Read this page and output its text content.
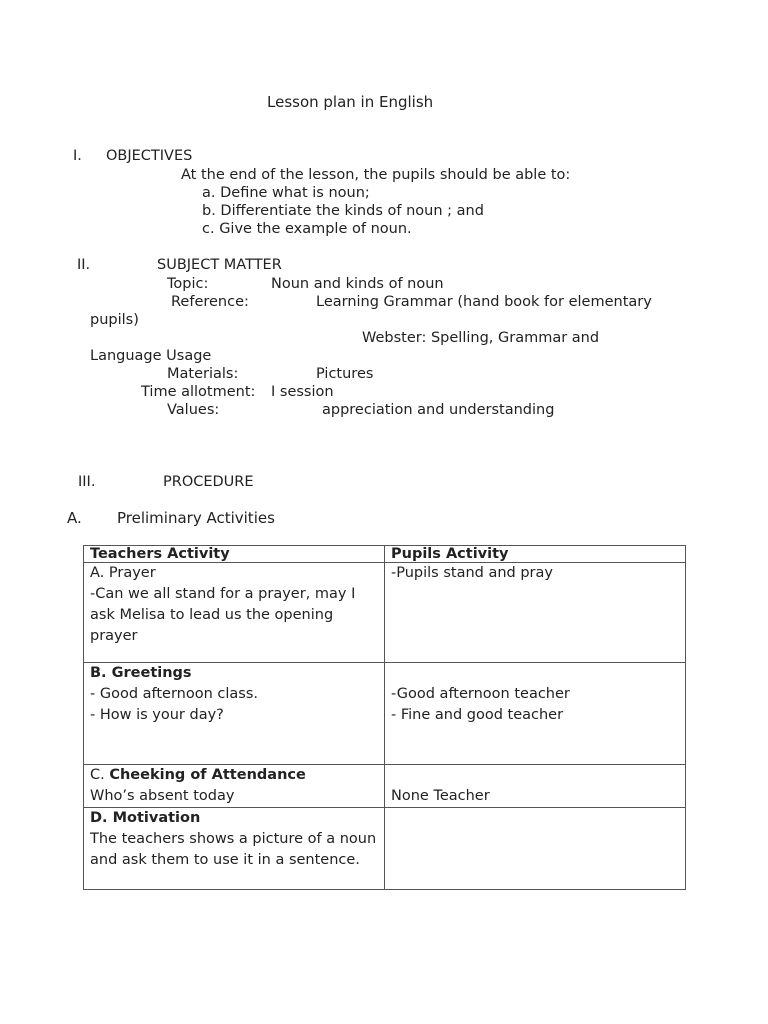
Lesson plan in English
I. OBJECTIVES
At the end of the lesson, the pupils should be able to:
a. Define what is noun;
b. Differentiate the kinds of noun ; and
c. Give the example of noun.
II.	SUBJECT MATTER
Topic:	Noun and kinds of noun
Reference:	Learning Grammar (hand book for elementary
pupils)
Webster: Spelling, Grammar and
Language Usage
Materials:	Pictures
Time allotment: I session
Values:	appreciation and understanding
III.	PROCEDURE
A. Preliminary Activities
Teachers Activity	Pupils Activity

A. Prayer
-Can we all stand for a prayer, may I ask Melisa to lead us the opening prayer	-Pupils stand and pray

B. Greetings
- Good afternoon class.
- How is your day?	-Good afternoon teacher
- Fine and good teacher

C. Cheeking of Attendance
Who’s absent today	None Teacher

D. Motivation
The teachers shows a picture of a noun and ask them to use it in a sentence.	
